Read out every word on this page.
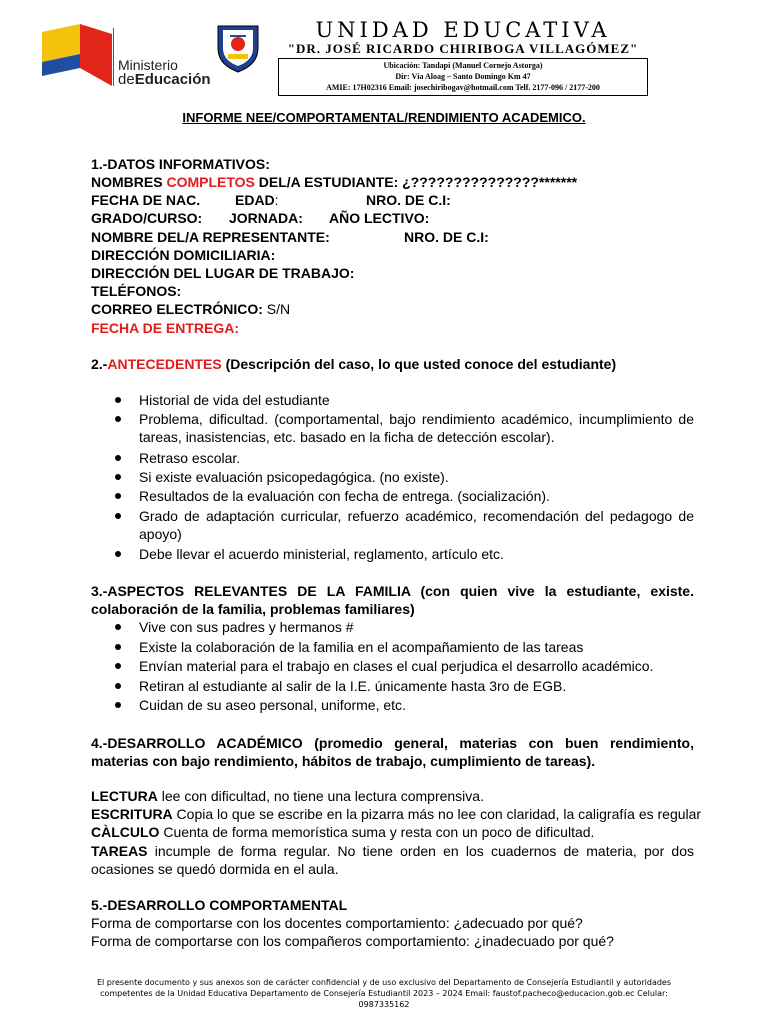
Ministerio
deEducación
UNIDAD EDUCATIVA
"DR. JOSÉ RICARDO CHIRIBOGA VILLAGÓMEZ"
Ubicación: Tandapi (Manuel Cornejo Astorga)
Dir: Vía Aloag – Santo Domingo Km 47
AMIE: 17H02316 Email: josechiribogav@hotmail.com Telf. 2177-096 / 2177-200
INFORME NEE/COMPORTAMENTAL/RENDIMIENTO ACADEMICO.
1.-DATOS INFORMATIVOS:
NOMBRES COMPLETOS DEL/A ESTUDIANTE: ¿???????????????*******
FECHA DE NAC. EDAD:	NRO. DE C.I:
GRADO/CURSO: JORNADA: AÑO LECTIVO:
NOMBRE DEL/A REPRESENTANTE:	NRO. DE C.I:
DIRECCIÓN DOMICILIARIA:
DIRECCIÓN DEL LUGAR DE TRABAJO:
TELÉFONOS:
CORREO ELECTRÓNICO: S/N
FECHA DE ENTREGA:
2.-ANTECEDENTES (Descripción del caso, lo que usted conoce del estudiante)
Historial de vida del estudiante
Problema, dificultad. (comportamental, bajo rendimiento académico, incumplimiento de tareas, inasistencias, etc. basado en la ficha de detección escolar).
Retraso escolar.
Si existe evaluación psicopedagógica. (no existe).
Resultados de la evaluación con fecha de entrega. (socialización).
Grado de adaptación curricular, refuerzo académico, recomendación del pedagogo de apoyo)
Debe llevar el acuerdo ministerial, reglamento, artículo etc.
3.-ASPECTOS RELEVANTES DE LA FAMILIA (con quien vive la estudiante, existe. colaboración de la familia, problemas familiares)
Vive con sus padres y hermanos #
Existe la colaboración de la familia en el acompañamiento de las tareas
Envían material para el trabajo en clases el cual perjudica el desarrollo académico.
Retiran al estudiante al salir de la I.E. únicamente hasta 3ro de EGB.
Cuidan de su aseo personal, uniforme, etc.
4.-DESARROLLO ACADÉMICO (promedio general, materias con buen rendimiento, materias con bajo rendimiento, hábitos de trabajo, cumplimiento de tareas).
LECTURA lee con dificultad, no tiene una lectura comprensiva.
ESCRITURA Copia lo que se escribe en la pizarra más no lee con claridad, la caligrafía es regular
CÀLCULO Cuenta de forma memorística suma y resta con un poco de dificultad.
TAREAS incumple de forma regular. No tiene orden en los cuadernos de materia, por dos ocasiones se quedó dormida en el aula.
5.-DESARROLLO COMPORTAMENTAL
Forma de comportarse con los docentes comportamiento: ¿adecuado por qué?
Forma de comportarse con los compañeros comportamiento: ¿inadecuado por qué?
El presente documento y sus anexos son de carácter confidencial y de uso exclusivo del Departamento de Consejería Estudiantil y autoridades
competentes de la Unidad Educativa Departamento de Consejería Estudiantil 2023 – 2024 Email: faustof.pacheco@educacion.gob.ec Celular:
0987335162
